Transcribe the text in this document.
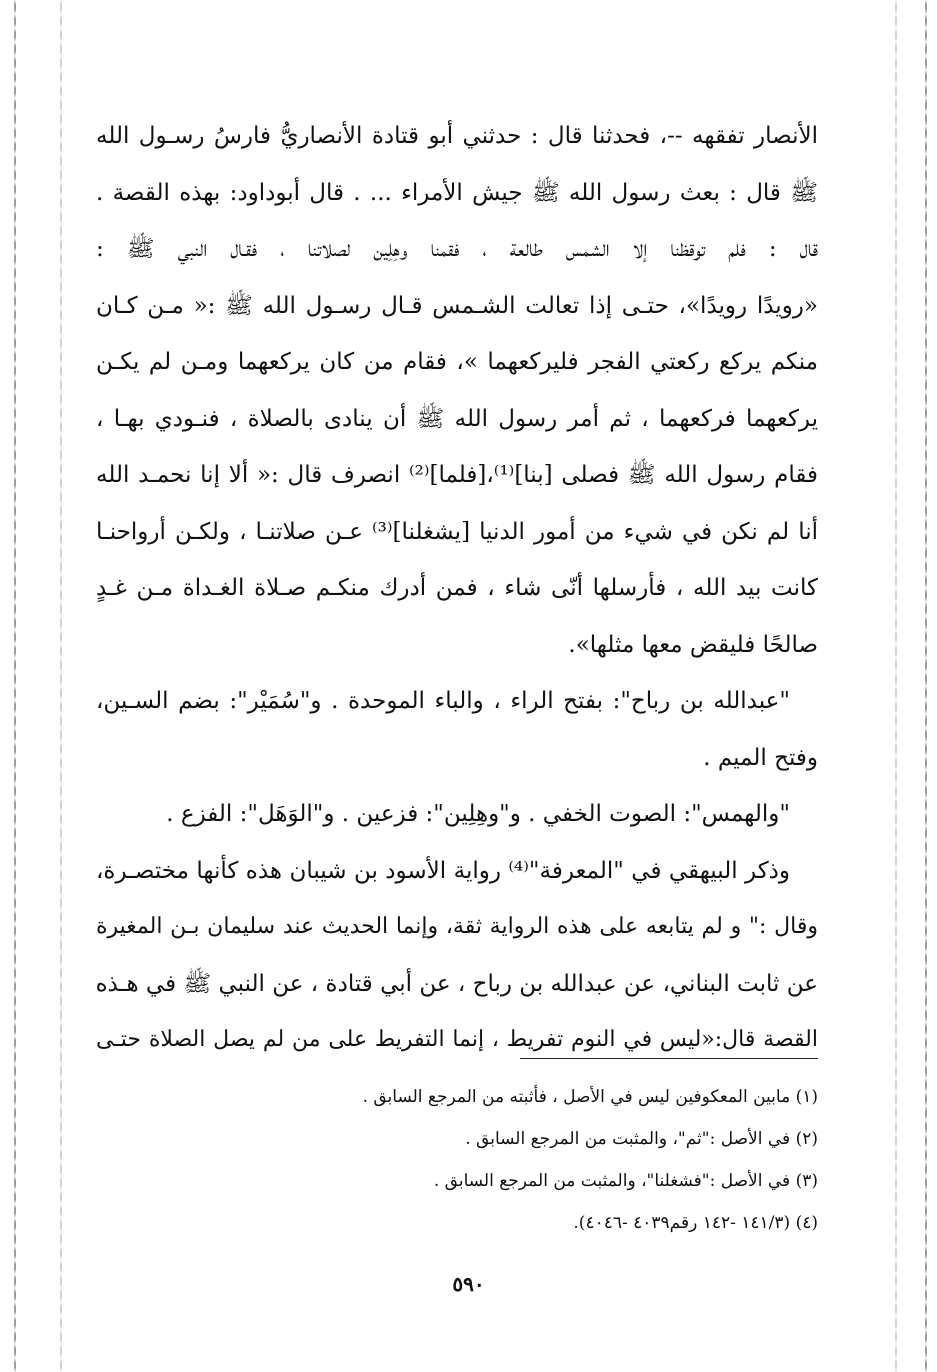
الأنصار تفقهه --، فحدثنا قال : حدثني أبو قتادة الأنصاريُّ فارسُ رسـول الله
ﷺ قال : بعث رسول الله ﷺ جيش الأمراء ... . قال أبوداود: بهذه القصة .
قال : فلم توقظنا إلا الشمس طالعة ، فقمنا وهِلِين لصلاتنا ، فقـال النبي ﷺ :
«رويدًا رويدًا»، حتـى إذا تعالت الشـمس قـال رسـول الله ﷺ :« مـن كـان
منكم يركع ركعتي الفجر فليركعهما »، فقام من كان يركعهما ومـن لم يكـن
يركعهما فركعهما ، ثم أمر رسول الله ﷺ أن ينادى بالصلاة ، فنـودي بهـا ،
فقام رسول الله ﷺ فصلى [بنا]⁽¹⁾،[فلما]⁽²⁾ انصرف قال :« ألا إنا نحمـد الله
أنا لم نكن في شيء من أمور الدنيا [يشغلنا]⁽³⁾ عـن صلاتنـا ، ولكـن أرواحنـا
كانت بيد الله ، فأرسلها أنّى شاء ، فمن أدرك منكـم صـلاة الغـداة مـن غـدٍ
صالحًا فليقض معها مثلها».
"عبدالله بن رباح": بفتح الراء ، والباء الموحدة . و"سُمَيْر": بضم السـين،
وفتح الميم .
"والهمس": الصوت الخفي . و"وهِلِين": فزعين . و"الوَهَل": الفزع .
وذكر البيهقي في "المعرفة"⁽⁴⁾ رواية الأسود بن شيبان هذه كأنها مختصـرة،
وقال :" و لم يتابعه على هذه الرواية ثقة، وإنما الحديث عند سليمان بـن المغيرة
عن ثابت البناني، عن عبدالله بن رباح ، عن أبي قتادة ، عن النبي ﷺ في هـذه
القصة قال:«ليس في النوم تفريط ، إنما التفريط على من لم يصل الصلاة حتـى
(١) مابين المعكوفين ليس في الأصل ، فأثبته من المرجع السابق .
(٢) في الأصل :"ثم"، والمثبت من المرجع السابق .
(٣) في الأصل :"فشغلنا"، والمثبت من المرجع السابق .
(٤) (١٤١/٣ -١٤٢ رقم٤٠٣٩ -٤٠٤٦).
٥٩٠
